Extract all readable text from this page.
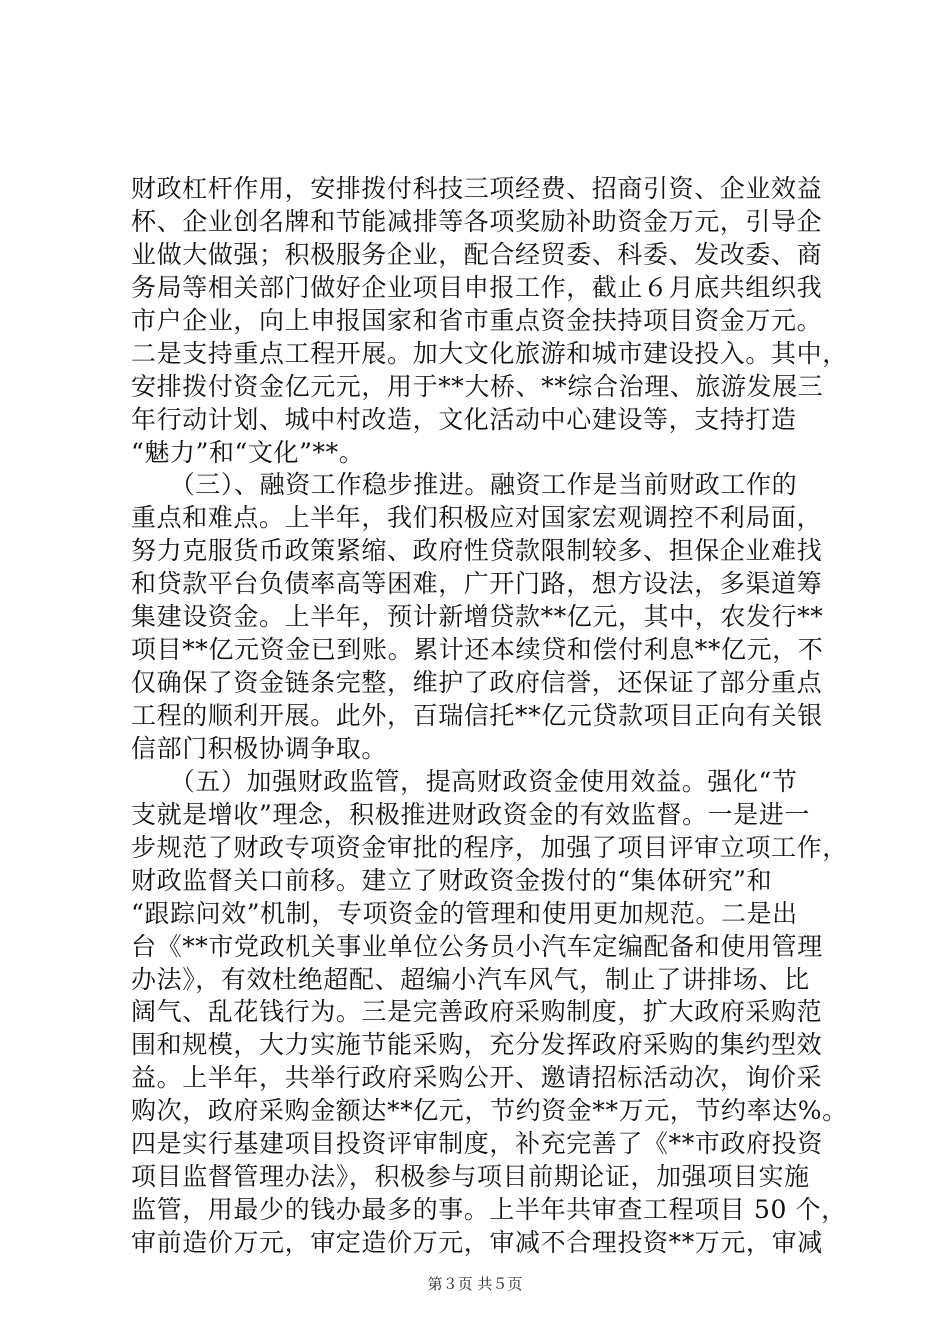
财政杠杆作用，安排拨付科技三项经费、招商引资、企业效益
杯、企业创名牌和节能减排等各项奖励补助资金万元，引导企
业做大做强；积极服务企业，配合经贸委、科委、发改委、商
务局等相关部门做好企业项目申报工作，截止６月底共组织我
市户企业，向上申报国家和省市重点资金扶持项目资金万元。
二是支持重点工程开展。加大文化旅游和城市建设投入。其中，
安排拨付资金亿元元，用于**大桥、**综合治理、旅游发展三
年行动计划、城中村改造，文化活动中心建设等，支持打造
“魅力”和“文化”**。
　　（三）、融资工作稳步推进。融资工作是当前财政工作的
重点和难点。上半年，我们积极应对国家宏观调控不利局面，
努力克服货币政策紧缩、政府性贷款限制较多、担保企业难找
和贷款平台负债率高等困难，广开门路，想方设法，多渠道筹
集建设资金。上半年，预计新增贷款**亿元，其中，农发行**
项目**亿元资金已到账。累计还本续贷和偿付利息**亿元，不
仅确保了资金链条完整，维护了政府信誉，还保证了部分重点
工程的顺利开展。此外，百瑞信托**亿元贷款项目正向有关银
信部门积极协调争取。
　　（五）加强财政监管，提高财政资金使用效益。强化“节
支就是增收”理念，积极推进财政资金的有效监督。一是进一
步规范了财政专项资金审批的程序，加强了项目评审立项工作，
财政监督关口前移。建立了财政资金拨付的“集体研究”和
“跟踪问效”机制，专项资金的管理和使用更加规范。二是出
台《**市党政机关事业单位公务员小汽车定编配备和使用管理
办法》，有效杜绝超配、超编小汽车风气，制止了讲排场、比
阔气、乱花钱行为。三是完善政府采购制度，扩大政府采购范
围和规模，大力实施节能采购，充分发挥政府采购的集约型效
益。上半年，共举行政府采购公开、邀请招标活动次，询价采
购次，政府采购金额达**亿元，节约资金**万元，节约率达%。
四是实行基建项目投资评审制度，补充完善了《**市政府投资
项目监督管理办法》，积极参与项目前期论证，加强项目实施
监管，用最少的钱办最多的事。上半年共审查工程项目 50 个，
审前造价万元，审定造价万元，审减不合理投资**万元，审减
第３页 共５页
